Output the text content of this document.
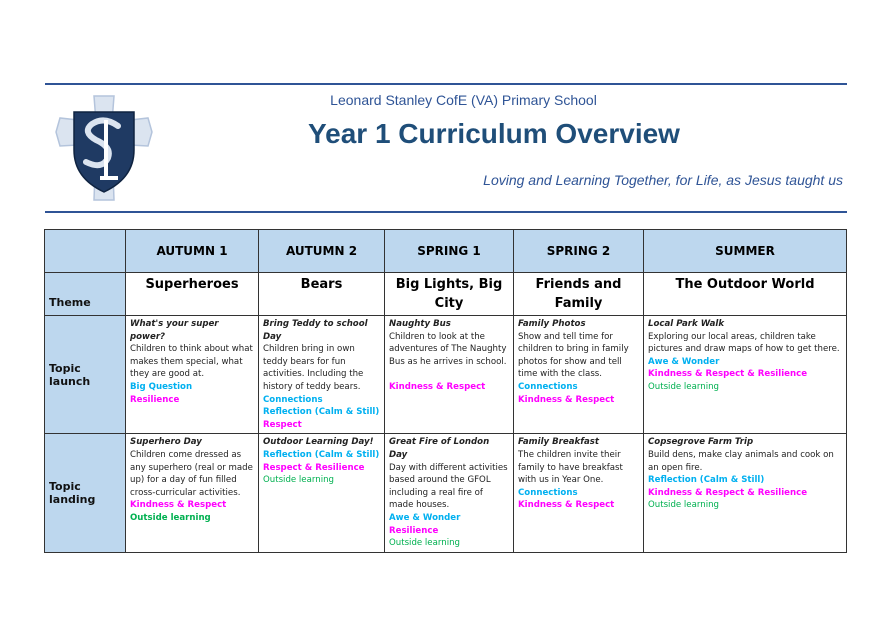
Leonard Stanley CofE (VA) Primary School
Year 1 Curriculum Overview
Loving and Learning Together, for Life, as Jesus taught us
	AUTUMN 1	AUTUMN 2	SPRING 1	SPRING 2	SUMMER
Theme	Superheroes	Bears	Big Lights, Big City	Friends and Family	The Outdoor World
Topic launch	What's your super power?
Children to think about what makes them special, what they are good at.
Big Question
Resilience	Bring Teddy to school Day
Children bring in own teddy bears for fun activities. Including the history of teddy bears.
Connections
Reflection (Calm & Still)
Respect	Naughty Bus
Children to look at the adventures of The Naughty Bus as he arrives in school.

Kindness & Respect	Family Photos
Show and tell time for children to bring in family photos for show and tell time with the class.
Connections
Kindness & Respect	Local Park Walk
Exploring our local areas, children take pictures and draw maps of how to get there.
Awe & Wonder
Kindness & Respect & Resilience
Outside learning

Topic landing	Superhero Day
Children come dressed as any superhero (real or made up) for a day of fun filled cross-curricular activities.
Kindness & Respect
Outside learning	Outdoor Learning Day!
Reflection (Calm & Still)
Respect & Resilience
Outside learning	Great Fire of London Day
Day with different activities based around the GFOL including a real fire of made houses.
Awe & Wonder
Resilience
Outside learning	Family Breakfast
The children invite their family to have breakfast with us in Year One.
Connections
Kindness & Respect	Copsegrove Farm Trip
Build dens, make clay animals and cook on an open fire.
Reflection (Calm & Still)
Kindness & Respect & Resilience
Outside learning
